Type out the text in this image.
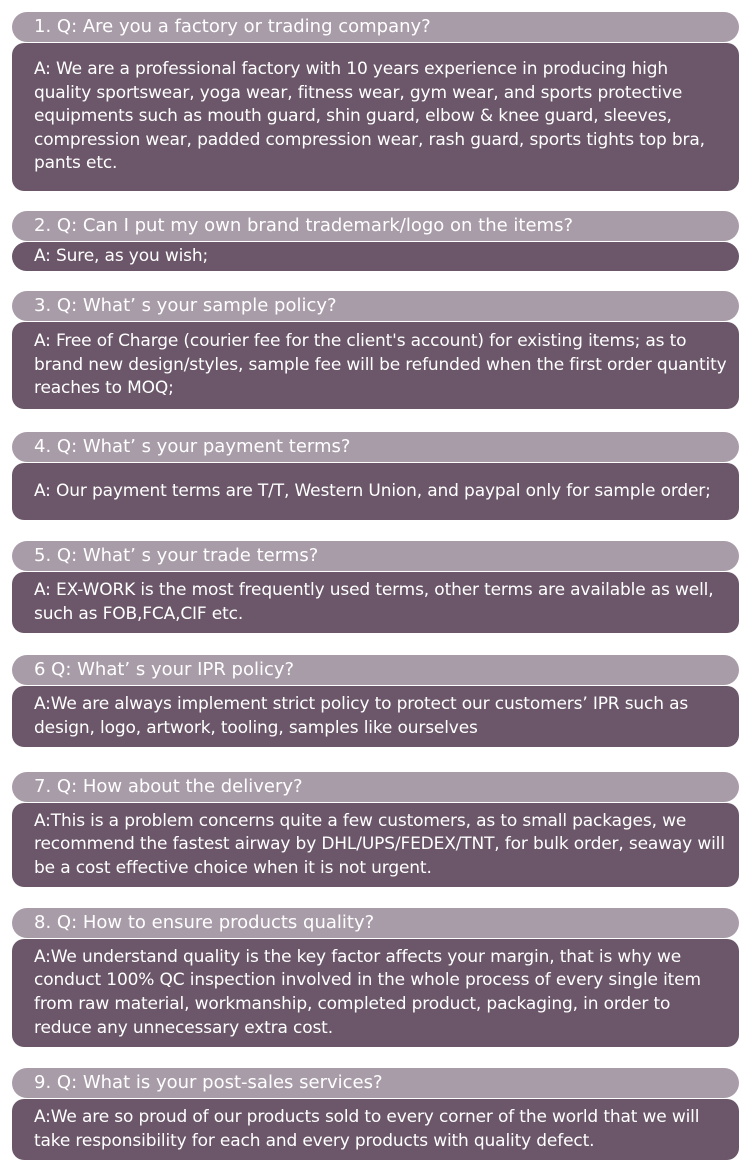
1. Q: Are you a factory or trading company?

A: We are a professional factory with 10 years experience in producing high quality sportswear, yoga wear, fitness wear, gym wear, and sports protective equipments such as mouth guard, shin guard, elbow & knee guard, sleeves, compression wear, padded compression wear, rash guard, sports tights top bra, pants etc.

2. Q: Can I put my own brand trademark/logo on the items?

A: Sure, as you wish;

3. Q: What’ s your sample policy?

A: Free of Charge (courier fee for the client's account) for existing items; as to brand new design/styles, sample fee will be refunded when the first order quantity reaches to MOQ;

4. Q: What’ s your payment terms?

A: Our payment terms are T/T, Western Union, and paypal only for sample order;

5. Q: What’ s your trade terms?

A: EX-WORK is the most frequently used terms, other terms are available as well, such as FOB,FCA,CIF etc.

6 Q: What’ s your IPR policy?

A:We are always implement strict policy to protect our customers’ IPR such as design, logo, artwork, tooling, samples like ourselves

7. Q: How about the delivery?

A:This is a problem concerns quite a few customers, as to small packages, we recommend the fastest airway by DHL/UPS/FEDEX/TNT, for bulk order, seaway will be a cost effective choice when it is not urgent.

8. Q: How to ensure products quality?

A:We understand quality is the key factor affects your margin, that is why we conduct 100% QC inspection involved in the whole process of every single item from raw material, workmanship, completed product, packaging, in order to reduce any unnecessary extra cost.

9. Q: What is your post-sales services?

A:We are so proud of our products sold to every corner of the world that we will take responsibility for each and every products with quality defect.
